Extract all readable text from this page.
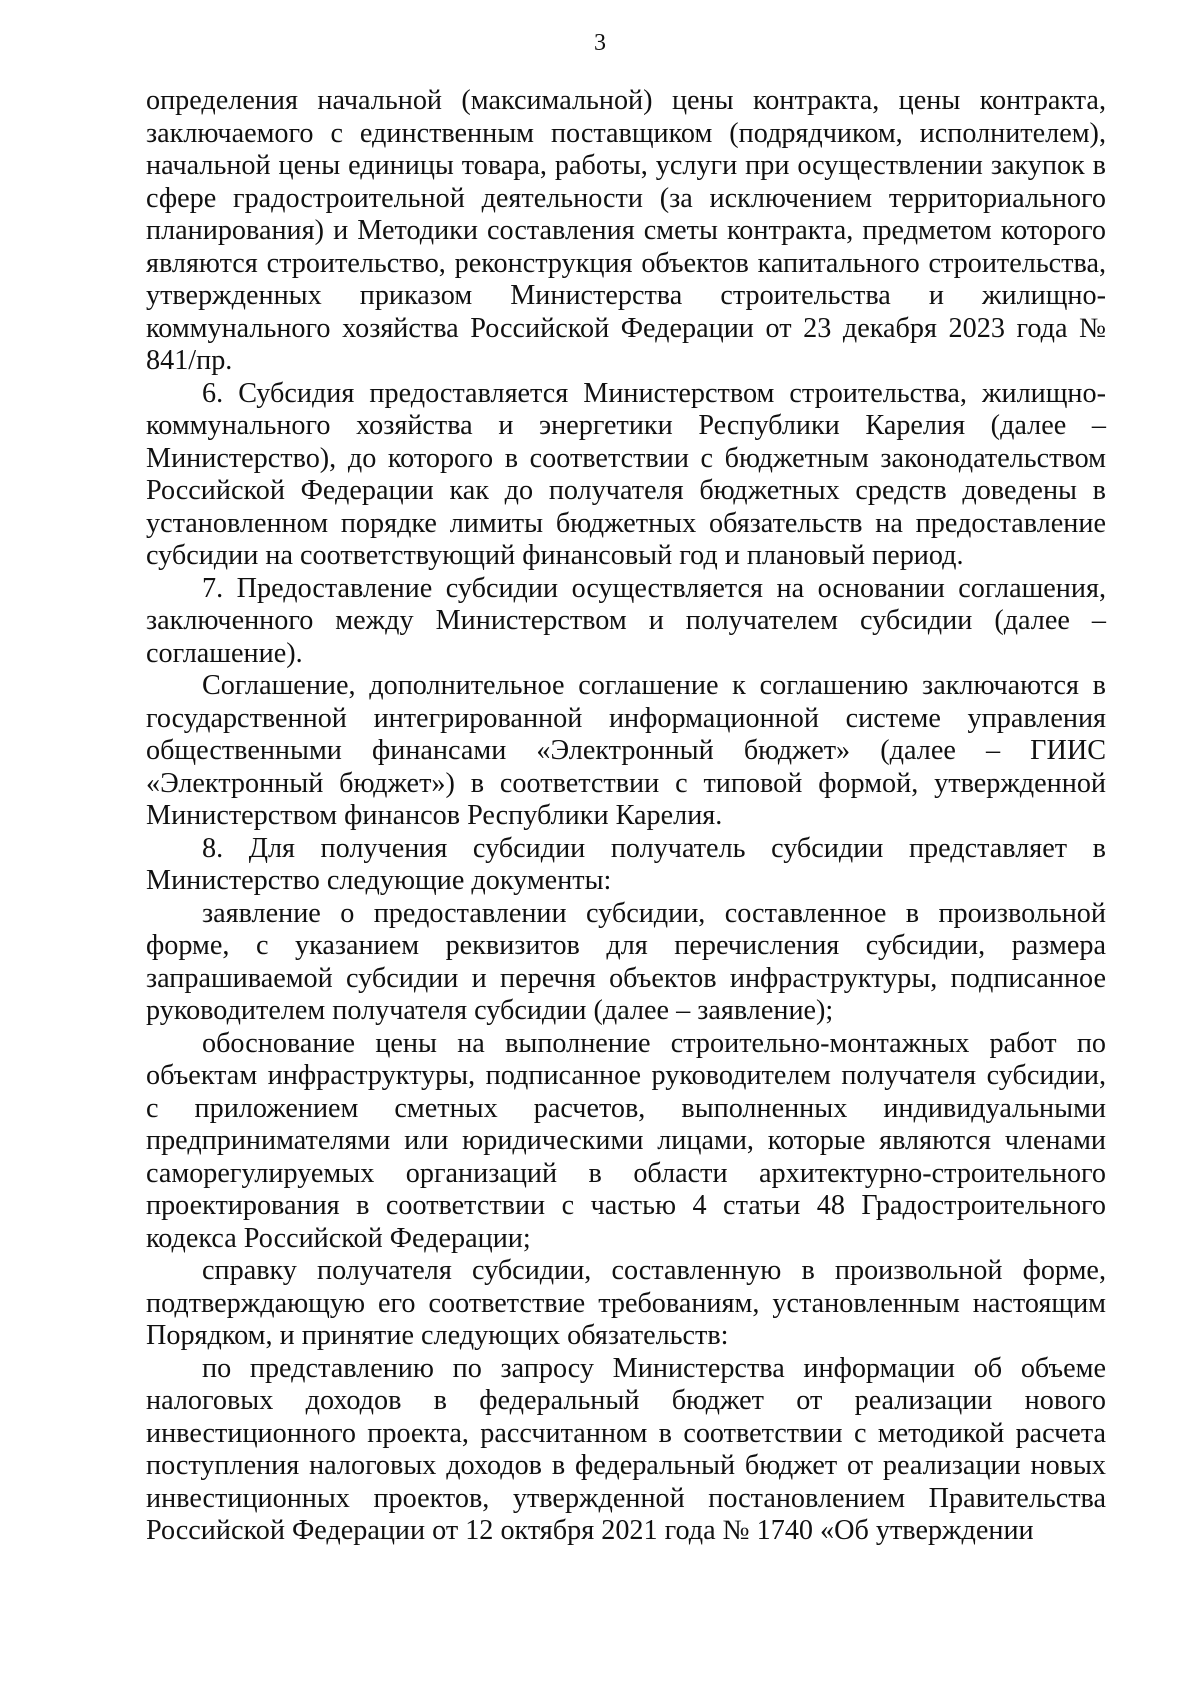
3

определения начальной (максимальной) цены контракта, цены контракта, заключаемого с единственным поставщиком (подрядчиком, исполнителем), начальной цены единицы товара, работы, услуги при осуществлении закупок в сфере градостроительной деятельности (за исключением территориального планирования) и Методики составления сметы контракта, предметом которого являются строительство, реконструкция объектов капитального строительства, утвержденных приказом Министерства строительства и жилищно-коммунального хозяйства Российской Федерации от 23 декабря 2023 года № 841/пр.

6. Субсидия предоставляется Министерством строительства, жилищно-коммунального хозяйства и энергетики Республики Карелия (далее – Министерство), до которого в соответствии с бюджетным законодательством Российской Федерации как до получателя бюджетных средств доведены в установленном порядке лимиты бюджетных обязательств на предоставление субсидии на соответствующий финансовый год и плановый период.

7. Предоставление субсидии осуществляется на основании соглашения, заключенного между Министерством и получателем субсидии (далее – соглашение).

Соглашение, дополнительное соглашение к соглашению заключаются в государственной интегрированной информационной системе управления общественными финансами «Электронный бюджет» (далее – ГИИС «Электронный бюджет») в соответствии с типовой формой, утвержденной Министерством финансов Республики Карелия.

8. Для получения субсидии получатель субсидии представляет в Министерство следующие документы:

заявление о предоставлении субсидии, составленное в произвольной форме, с указанием реквизитов для перечисления субсидии, размера запрашиваемой субсидии и перечня объектов инфраструктуры, подписанное руководителем получателя субсидии (далее – заявление);

обоснование цены на выполнение строительно-монтажных работ по объектам инфраструктуры, подписанное руководителем получателя субсидии, с приложением сметных расчетов, выполненных индивидуальными предпринимателями или юридическими лицами, которые являются членами саморегулируемых организаций в области архитектурно-строительного проектирования в соответствии с частью 4 статьи 48 Градостроительного кодекса Российской Федерации;

справку получателя субсидии, составленную в произвольной форме, подтверждающую его соответствие требованиям, установленным настоящим Порядком, и принятие следующих обязательств:

по представлению по запросу Министерства информации об объеме налоговых доходов в федеральный бюджет от реализации нового инвестиционного проекта, рассчитанном в соответствии с методикой расчета поступления налоговых доходов в федеральный бюджет от реализации новых инвестиционных проектов, утвержденной постановлением Правительства Российской Федерации от 12 октября 2021 года № 1740 «Об утверждении
